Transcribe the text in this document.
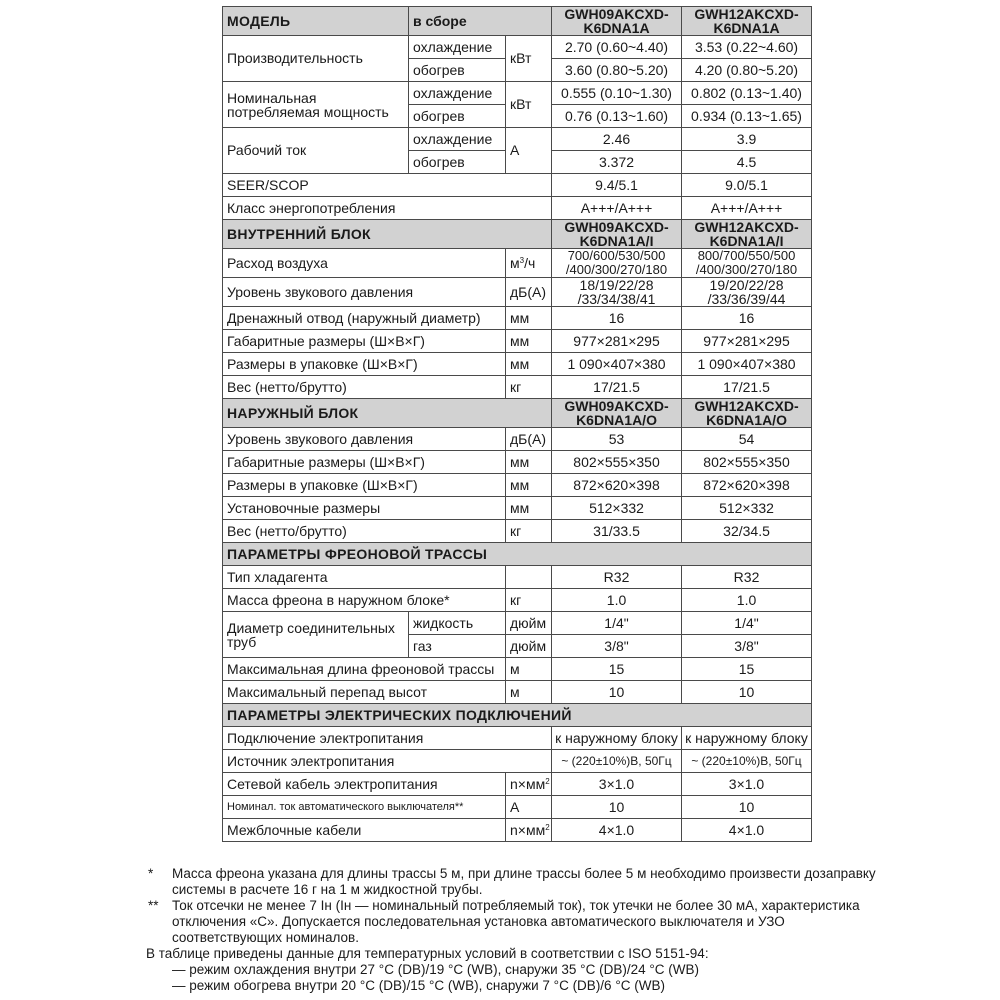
МОДЕЛЬ	в сборе		GWH09AKCXD-K6DNA1A	GWH12AKCXD-K6DNA1A
Производительность	охлаждение	кВт	2.70 (0.60~4.40)	3.53 (0.22~4.60)
	обогрев		3.60 (0.80~5.20)	4.20 (0.80~5.20)
Номинальная потребляемая мощность	охлаждение	кВт	0.555 (0.10~1.30)	0.802 (0.13~1.40)
	обогрев		0.76 (0.13~1.60)	0.934 (0.13~1.65)
Рабочий ток	охлаждение	А	2.46	3.9
	обогрев		3.372	4.5
SEER/SCOP			9.4/5.1	9.0/5.1
Класс энергопотребления			A+++/A+++	A+++/A+++
ВНУТРЕННИЙ БЛОК			GWH09AKCXD-K6DNA1A/I	GWH12AKCXD-K6DNA1A/I
Расход воздуха		$м^3/ч$	700/600/530/500 /400/300/270/180	800/700/550/500 /400/300/270/180
Уровень звукового давления		дБ(А)	18/19/22/28 /33/34/38/41	19/20/22/28 /33/36/39/44
Дренажный отвод (наружный диаметр)		мм	16	16
Габаритные размеры (Ш×В×Г)		мм	977×281×295	977×281×295
Размеры в упаковке (Ш×В×Г)		мм	1 090×407×380	1 090×407×380
Вес (нетто/брутто)		кг	17/21.5	17/21.5
НАРУЖНЫЙ БЛОК			GWH09AKCXD-K6DNA1A/O	GWH12AKCXD-K6DNA1A/O
Уровень звукового давления		дБ(А)	53	54
Габаритные размеры (Ш×В×Г)		мм	802×555×350	802×555×350
Размеры в упаковке (Ш×В×Г)		мм	872×620×398	872×620×398
Установочные размеры		мм	512×332	512×332
Вес (нетто/брутто)		кг	31/33.5	32/34.5
ПАРАМЕТРЫ ФРЕОНОВОЙ ТРАССЫ				
Тип хладагента			R32	R32
Масса фреона в наружном блоке*		кг	1.0	1.0
Диаметр соединительных труб	жидкость	дюйм	1/4"	1/4"
	газ	дюйм	3/8"	3/8"
Максимальная длина фреоновой трассы		м	15	15
Максимальный перепад высот		м	10	10
ПАРАМЕТРЫ ЭЛЕКТРИЧЕСКИХ ПОДКЛЮЧЕНИЙ				
Подключение электропитания			к наружному блоку	к наружному блоку
Источник электропитания			~ (220±10%)В, 50Гц	~ (220±10%)В, 50Гц
Сетевой кабель электропитания		$n\times мм^2$	3×1.0	3×1.0
Номинал. ток автоматического выключателя**		А	10	10
Межблочные кабели		$n\times мм^2$	4×1.0	4×1.0
*	Масса фреона указана для длины трассы 5 м, при длине трассы более 5 м необходимо произвести дозаправку системы в расчете 16 г на 1 м жидкостной трубы.
** Ток отсечки не менее 7 Iн (Iн — номинальный потребляемый ток), ток утечки не более 30 мА, характеристика отключения «С». Допускается последовательная установка автоматического выключателя и УЗО соответствующих номиналов.
В таблице приведены данные для температурных условий в соответствии с ISO 5151-94:
— режим охлаждения внутри 27 °С (DB)/19 °С (WB), снаружи 35 °С (DB)/24 °С (WB)
— режим обогрева внутри 20 °С (DB)/15 °С (WB), снаружи 7 °С (DB)/6 °С (WB)
